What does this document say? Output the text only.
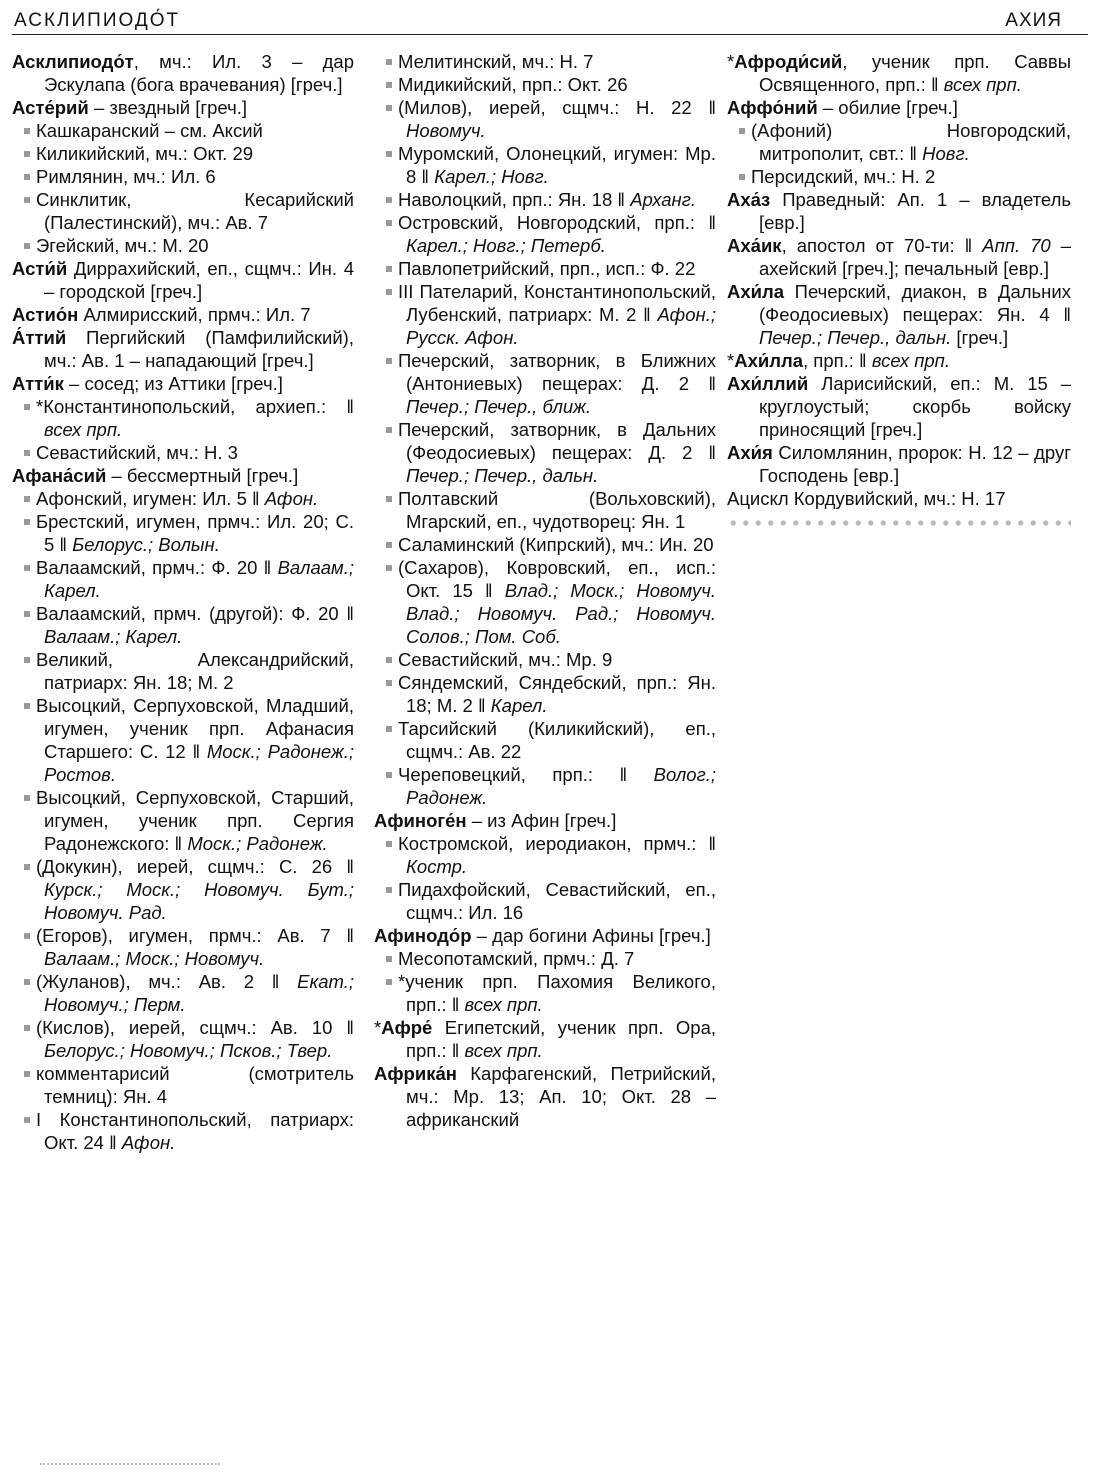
АСКЛИПИОДО́Т	АХИЯ

Асклипиодо́т, мч.: Ил. 3 – дар Эскулапа (бога врачевания) [греч.]

Асте́рий – звездный [греч.]

Кашкаранский – см. Аксий

Киликийский, мч.: Окт. 29

Римлянин, мч.: Ил. 6

Синклитик, Кесарийский (Палестинский), мч.: Ав. 7

Эгейский, мч.: М. 20

Асти́й Диррахийский, еп., сщмч.: Ин. 4 – городской [греч.]

Астио́н Алмирисский, прмч.: Ил. 7

А́ттий Пергийский (Памфилийский), мч.: Ав. 1 – нападающий [греч.]

Атти́к – сосед; из Аттики [греч.]

*Константинопольский, архиеп.: ‖ всех прп.

Севастийский, мч.: Н. 3

Афана́сий – бессмертный [греч.]

Афонский, игумен: Ил. 5 ‖ Афон.

Брестский, игумен, прмч.: Ил. 20; С. 5 ‖ Белорус.; Волын.

Валаамский, прмч.: Ф. 20 ‖ Валаам.; Карел.

Валаамский, прмч. (другой): Ф. 20 ‖ Валаам.; Карел.

Великий, Александрийский, патриарх: Ян. 18; М. 2

Высоцкий, Серпуховской, Младший, игумен, ученик прп. Афанасия Старшего: С. 12 ‖ Моск.; Радонеж.; Ростов.

Высоцкий, Серпуховской, Старший, игумен, ученик прп. Сергия Радонежского: ‖ Моск.; Радонеж.

(Докукин), иерей, сщмч.: С. 26 ‖ Курск.; Моск.; Новомуч. Бут.; Новомуч. Рад.

(Егоров), игумен, прмч.: Ав. 7 ‖ Валаам.; Моск.; Новомуч.

(Жуланов), мч.: Ав. 2 ‖ Екат.; Новомуч.; Перм.

(Кислов), иерей, сщмч.: Ав. 10 ‖ Белорус.; Новомуч.; Псков.; Твер.

комментарисий (смотритель темниц): Ян. 4

I Константинопольский, патриарх: Окт. 24 ‖ Афон.

Мелитинский, мч.: Н. 7

Мидикийский, прп.: Окт. 26

(Милов), иерей, сщмч.: Н. 22 ‖ Новомуч.

Муромский, Олонецкий, игумен: Мр. 8 ‖ Карел.; Новг.

Наволоцкий, прп.: Ян. 18 ‖ Арханг.

Островский, Новгородский, прп.: ‖ Карел.; Новг.; Петерб.

Павлопетрийский, прп., исп.: Ф. 22

III Пателарий, Константинопольский, Лубенский, патриарх: М. 2 ‖ Афон.; Русск. Афон.

Печерский, затворник, в Ближних (Антониевых) пещерах: Д. 2 ‖ Печер.; Печер., ближ.

Печерский, затворник, в Дальних (Феодосиевых) пещерах: Д. 2 ‖ Печер.; Печер., дальн.

Полтавский (Вольховский), Мгарский, еп., чудотворец: Ян. 1

Саламинский (Кипрский), мч.: Ин. 20

(Сахаров), Ковровский, еп., исп.: Окт. 15 ‖ Влад.; Моск.; Новомуч. Влад.; Новомуч. Рад.; Новомуч. Солов.; Пом. Соб.

Севастийский, мч.: Мр. 9

Сяндемский, Сяндебский, прп.: Ян. 18; М. 2 ‖ Карел.

Тарсийский (Киликийский), еп., сщмч.: Ав. 22

Череповецкий, прп.: ‖ Волог.; Радонеж.

Афиноге́н – из Афин [греч.]

Костромской, иеродиакон, прмч.: ‖ Костр.

Пидахфойский, Севастийский, еп., сщмч.: Ил. 16

Афинодо́р – дар богини Афины [греч.]

Месопотамский, прмч.: Д. 7

*ученик прп. Пахомия Великого, прп.: ‖ всех прп.

*Афре́ Египетский, ученик прп. Ора, прп.: ‖ всех прп.

Африка́н Карфагенский, Петрийский, мч.: Мр. 13; Ап. 10; Окт. 28 – африканский

*Афроди́сий, ученик прп. Саввы Освященного, прп.: ‖ всех прп.

Аффо́ний – обилие [греч.]

(Афоний) Новгородский, митрополит, свт.: ‖ Новг.

Персидский, мч.: Н. 2

Аха́з Праведный: Ап. 1 – владетель [евр.]

Аха́ик, апостол от 70-ти: ‖ Апп. 70 – ахейский [греч.]; печальный [евр.]

Ахи́ла Печерский, диакон, в Дальних (Феодосиевых) пещерах: Ян. 4 ‖ Печер.; Печер., дальн. [греч.]

*Ахи́лла, прп.: ‖ всех прп.

Ахи́ллий Ларисийский, еп.: М. 15 – круглоустый; скорбь войску приносящий [греч.]

Ахи́я Силомлянин, пророк: Н. 12 – друг Господень [евр.]

Ацискл Кордувийский, мч.: Н. 17
